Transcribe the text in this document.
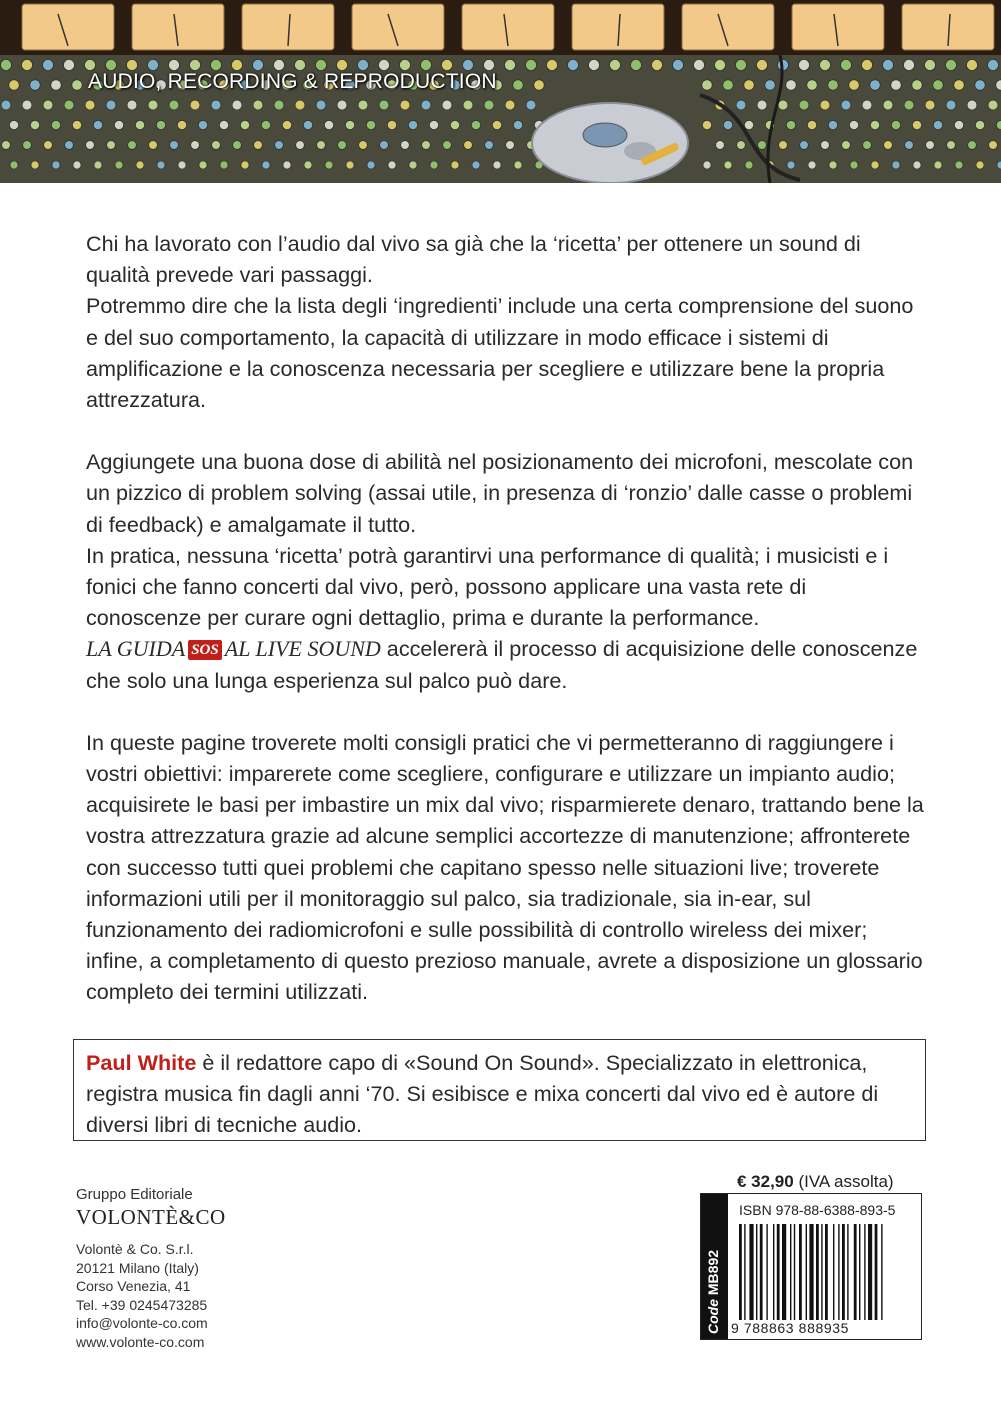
AUDIO, RECORDING & REPRODUCTION

Chi ha lavorato con l’audio dal vivo sa già che la ‘ricetta’ per ottenere un sound di qualità prevede vari passaggi.

Potremmo dire che la lista degli ‘ingredienti’ include una certa comprensione del suono e del suo comportamento, la capacità di utilizzare in modo efficace i sistemi di amplificazione e la conoscenza necessaria per scegliere e utilizzare bene la propria attrezzatura.

Aggiungete una buona dose di abilità nel posizionamento dei microfoni, mescolate con un pizzico di problem solving (assai utile, in presenza di ‘ronzio’ dalle casse o problemi di feedback) e amalgamate il tutto.

In pratica, nessuna ‘ricetta’ potrà garantirvi una performance di qualità; i musicisti e i fonici che fanno concerti dal vivo, però, possono applicare una vasta rete di conoscenze per curare ogni dettaglio, prima e durante la performance.

LA GUIDA SOS AL LIVE SOUND accelererà il processo di acquisizione delle conoscenze che solo una lunga esperienza sul palco può dare.

In queste pagine troverete molti consigli pratici che vi permetteranno di raggiungere i vostri obiettivi: imparerete come scegliere, configurare e utilizzare un impianto audio; acquisirete le basi per imbastire un mix dal vivo; risparmierete denaro, trattando bene la vostra attrezzatura grazie ad alcune semplici accortezze di manutenzione; affronterete con successo tutti quei problemi che capitano spesso nelle situazioni live; troverete informazioni utili per il monitoraggio sul palco, sia tradizionale, sia in-ear, sul funzionamento dei radiomicrofoni e sulle possibilità di controllo wireless dei mixer; infine, a completamento di questo prezioso manuale, avrete a disposizione un glossario completo dei termini utilizzati.

Paul White è il redattore capo di «Sound On Sound». Specializzato in elettronica, registra musica fin dagli anni ‘70. Si esibisce e mixa concerti dal vivo ed è autore di diversi libri di tecniche audio.
Gruppo Editoriale
VOLONTÈ&CO
Volontè & Co. S.r.l.
20121 Milano (Italy)
Corso Venezia, 41
Tel. +39 0245473285
info@volonte-co.com
www.volonte-co.com
€ 32,90 (IVA assolta)
Code MB892
ISBN 978-88-6388-893-5
9 788863 888935
